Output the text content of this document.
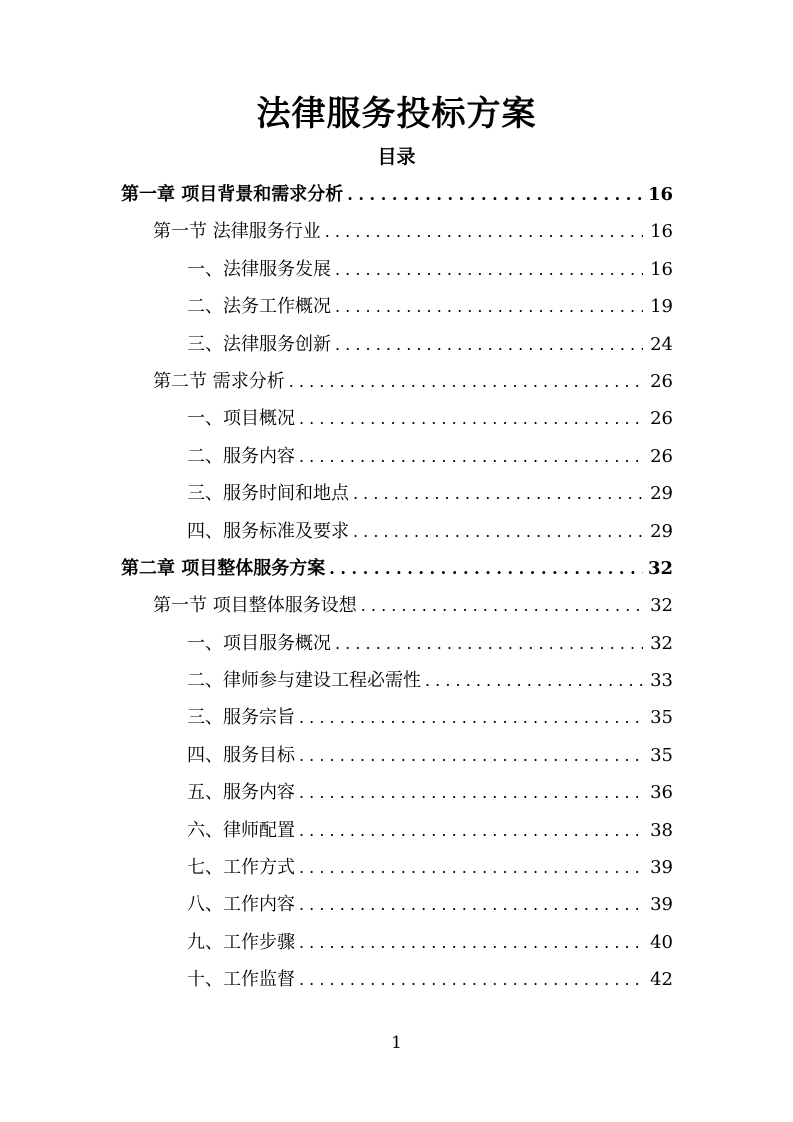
法律服务投标方案
目录
第一章 项目背景和需求分析 . . .	16
第一节 法律服务行业 . . .	16
一、法律服务发展 . . .	16
二、法务工作概况 . . .	19
三、法律服务创新 . . .	24
第二节 需求分析 . . .	26
一、项目概况 . . .	26
二、服务内容 . . .	26
三、服务时间和地点 . . .	29
四、服务标准及要求 . . .	29
第二章 项目整体服务方案 . . .	32
第一节 项目整体服务设想 . . .	32
一、项目服务概况 . . .	32
二、律师参与建设工程必需性 . . .	33
三、服务宗旨 . . .	35
四、服务目标 . . .	35
五、服务内容 . . .	36
六、律师配置 . . .	38
七、工作方式 . . .	39
八、工作内容 . . .	39
九、工作步骤 . . .	40
十、工作监督 . . .	42
1
